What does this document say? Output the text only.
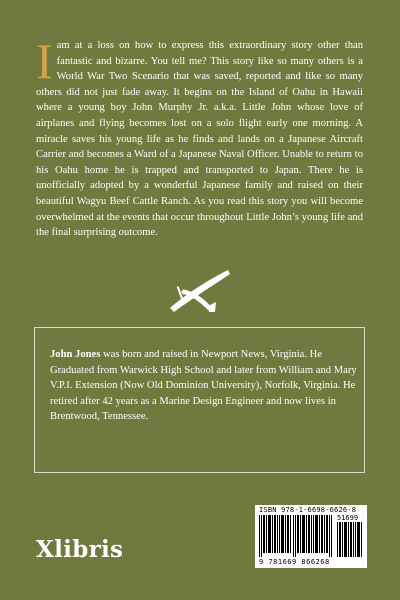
Iam at a loss on how to express this extraordinary story other than fantastic and bizarre. You tell me? This story like so many others is a World War Two Scenario that was saved, reported and like so many others did not just fade away. It begins on the Island of Oahu in Hawaii where a young boy John Murphy Jr. a.k.a. Little John whose love of airplanes and flying becomes lost on a solo flight early one morning. A miracle saves his young life as he finds and lands on a Japanese Aircraft Carrier and becomes a Ward of a Japanese Naval Officer. Unable to return to his Oahu home he is trapped and transported to Japan. There he is unofficially adopted by a wonderful Japanese family and raised on their beautiful Wagyu Beef Cattle Ranch. As you read this story you will become overwhelmed at the events that occur throughout Little John’s young life and the final surprising outcome.
John Jones was born and raised in Newport News, Virginia. He Graduated from Warwick High School and later from William and Mary V.P.I. Extension (Now Old Dominion University), Norfolk, Virginia. He retired after 42 years as a Marine Design Engineer and now lives in Brentwood, Tennessee.
Xlibris
ISBN 978-1-6698-6626-8
51699
9 781669 866268
